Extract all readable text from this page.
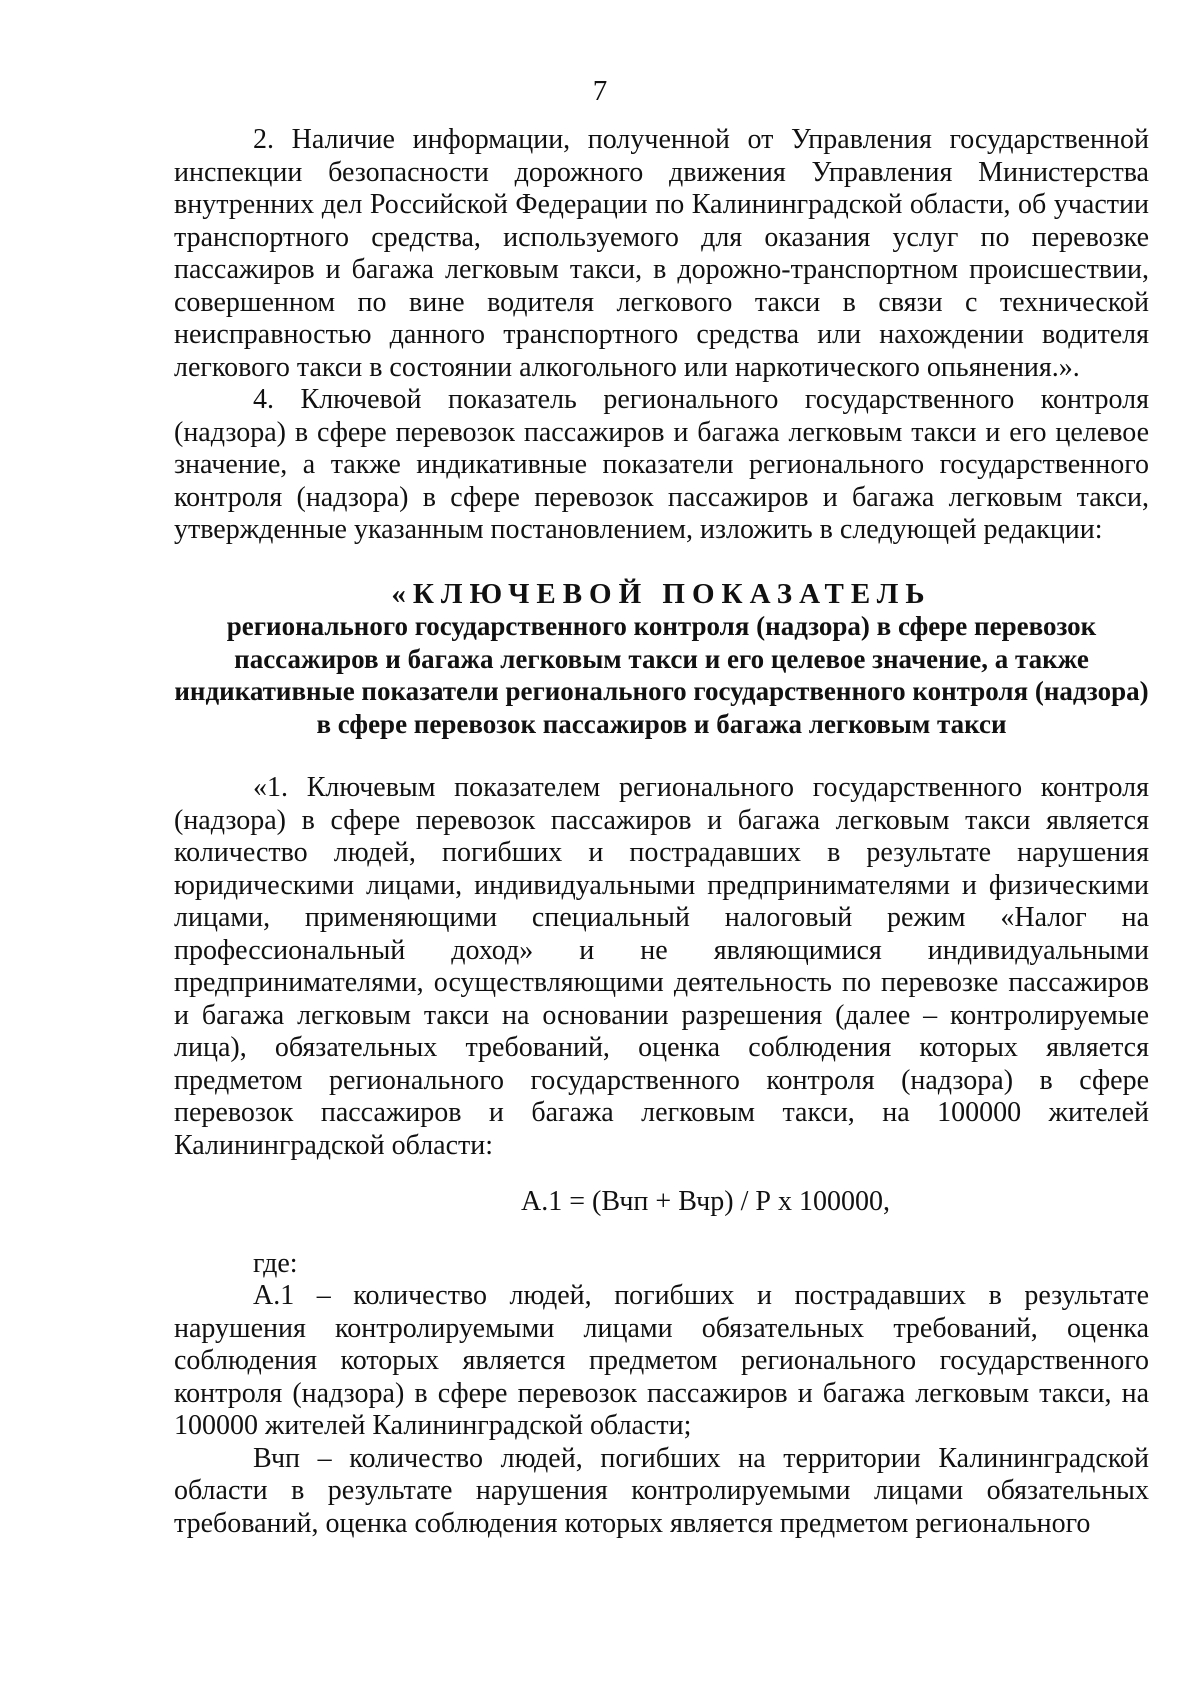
7

2. Наличие информации, полученной от Управления государственной инспекции безопасности дорожного движения Управления Министерства внутренних дел Российской Федерации по Калининградской области, об участии транспортного средства, используемого для оказания услуг по перевозке пассажиров и багажа легковым такси, в дорожно-транспортном происшествии, совершенном по вине водителя легкового такси в связи с технической неисправностью данного транспортного средства или нахождении водителя легкового такси в состоянии алкогольного или наркотического опьянения.».

4. Ключевой показатель регионального государственного контроля (надзора) в сфере перевозок пассажиров и багажа легковым такси и его целевое значение, а также индикативные показатели регионального государственного контроля (надзора) в сфере перевозок пассажиров и багажа легковым такси, утвержденные указанным постановлением, изложить в следующей редакции:

«КЛЮЧЕВОЙ ПОКАЗАТЕЛЬ

регионального государственного контроля (надзора) в сфере перевозок пассажиров и багажа легковым такси и его целевое значение, а также индикативные показатели регионального государственного контроля (надзора) в сфере перевозок пассажиров и багажа легковым такси

«1. Ключевым показателем регионального государственного контроля (надзора) в сфере перевозок пассажиров и багажа легковым такси является количество людей, погибших и пострадавших в результате нарушения юридическими лицами, индивидуальными предпринимателями и физическими лицами, применяющими специальный налоговый режим «Налог на профессиональный доход» и не являющимися индивидуальными предпринимателями, осуществляющими деятельность по перевозке пассажиров и багажа легковым такси на основании разрешения (далее – контролируемые лица), обязательных требований, оценка соблюдения которых является предметом регионального государственного контроля (надзора) в сфере перевозок пассажиров и багажа легковым такси, на 100000 жителей Калининградской области:

А.1 = (Вчп + Вчр) / Р х 100000,

где:

А.1 – количество людей, погибших и пострадавших в результате нарушения контролируемыми лицами обязательных требований, оценка соблюдения которых является предметом регионального государственного контроля (надзора) в сфере перевозок пассажиров и багажа легковым такси, на 100000 жителей Калининградской области;

Вчп – количество людей, погибших на территории Калининградской области в результате нарушения контролируемыми лицами обязательных требований, оценка соблюдения которых является предметом регионального
